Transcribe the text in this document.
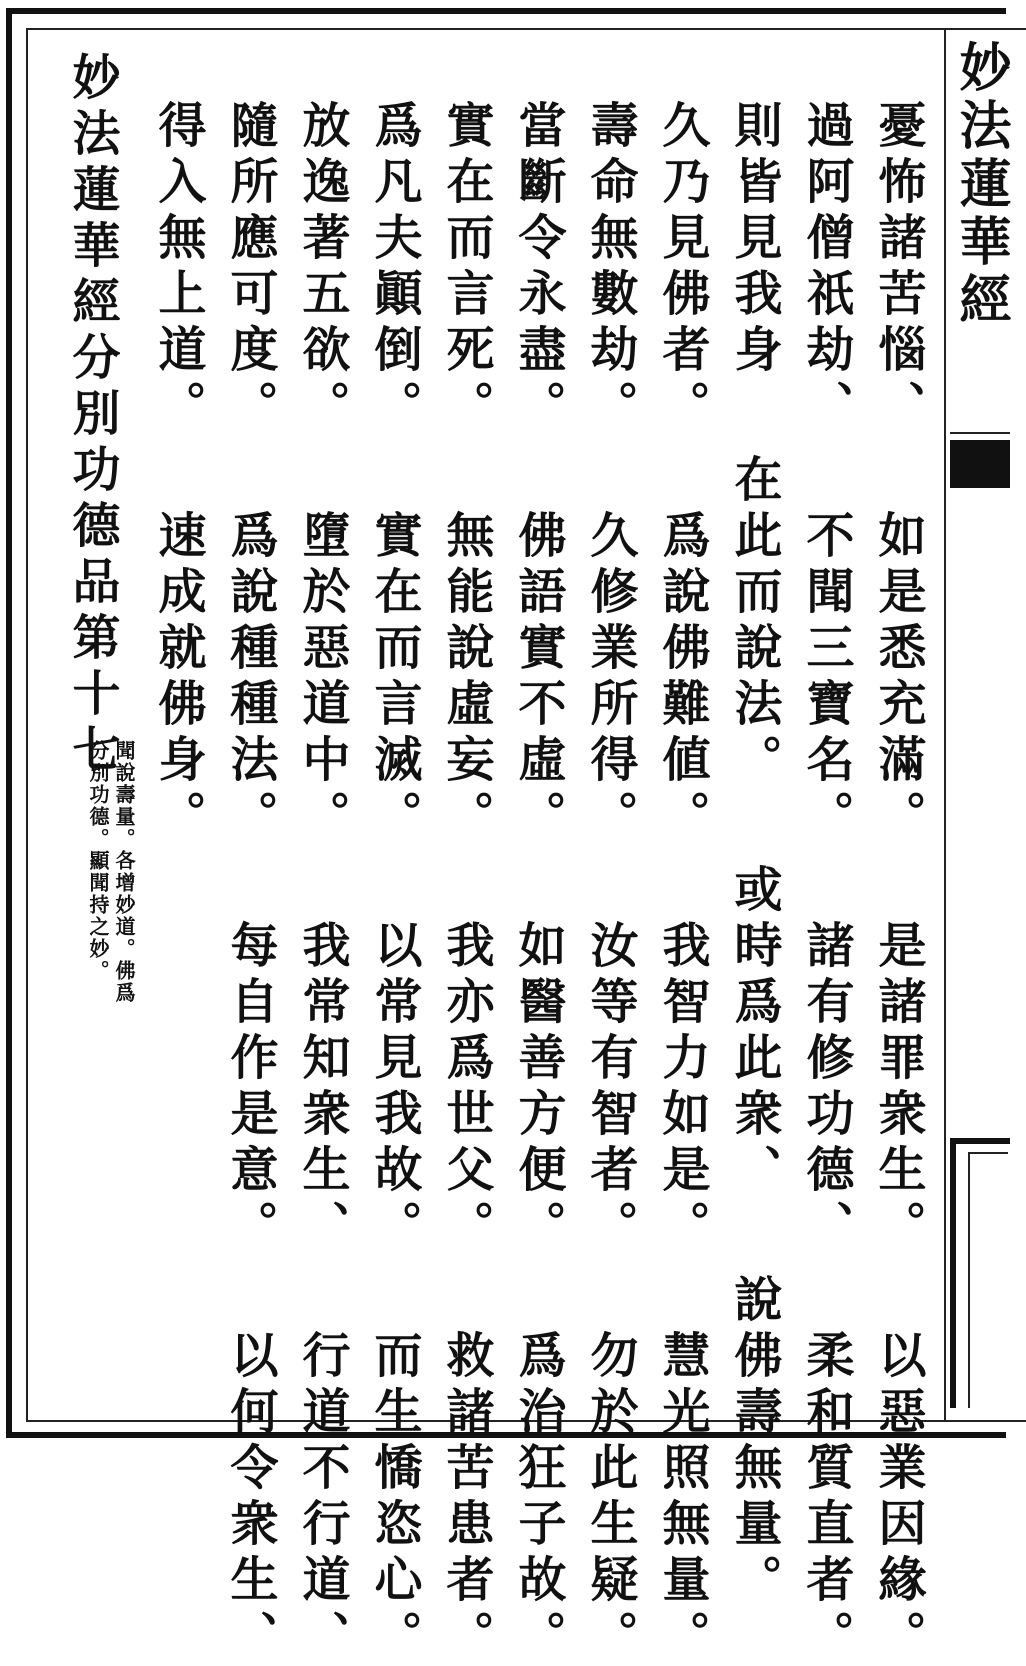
妙法蓮華經
憂怖諸苦惱、如是悉充滿。是諸罪衆生。以惡業因緣。
過阿僧祇劫、不聞三寶名。諸有修功德、柔和質直者。
則皆見我身在此而說法。或時爲此衆、說佛壽無量。
久乃見佛者。爲說佛難値。我智力如是。慧光照無量。
壽命無數劫。久修業所得。汝等有智者。勿於此生疑。
當斷令永盡。佛語實不虛。如醫善方便。爲治狂子故。
實在而言死。無能說虛妄。我亦爲世父。救諸苦患者。
爲凡夫顚倒。實在而言滅。以常見我故。而生憍恣心。
放逸著五欲。墮於惡道中。我常知衆生、行道不行道、
隨所應可度。爲說種種法。每自作是意。以何令衆生、
得入無上道。速成就佛身。
妙法蓮華經分別功德品第十七
聞說壽量。各增妙道。佛爲
分別功德。顯聞持之妙。
